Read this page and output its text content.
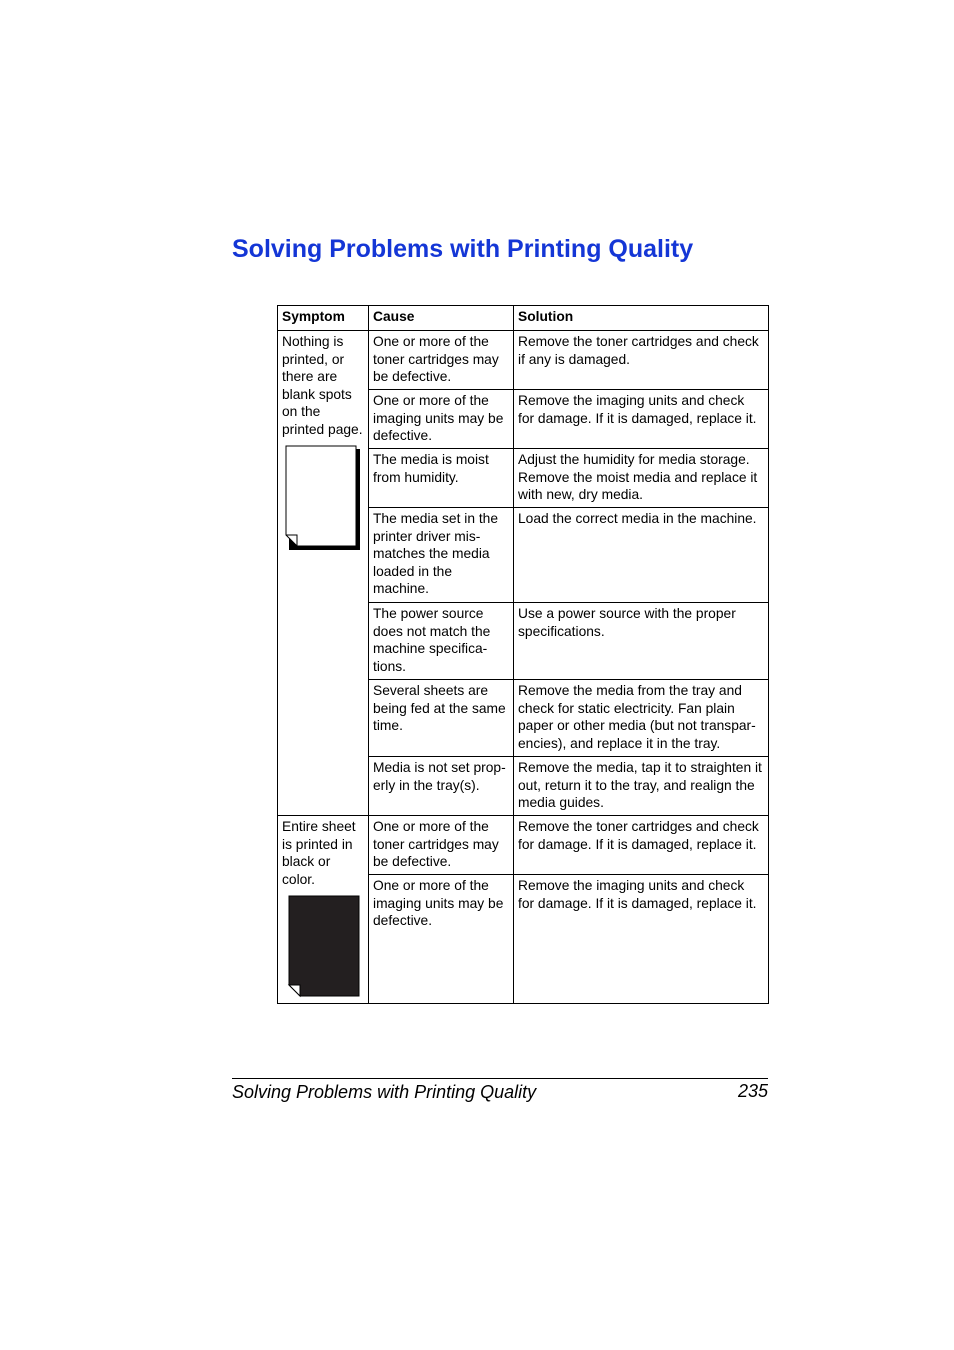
Solving Problems with Printing Quality
Symptom	Cause	Solution

Nothing is printed, or there are blank spots on the printed page.	One or more of the toner cartridges may be defective.	Remove the toner cartridges and check if any is damaged.
	One or more of the imaging units may be defective.	Remove the imaging units and check for damage. If it is damaged, replace it.
	The media is moist from humidity.	Adjust the humidity for media storage. Remove the moist media and replace it with new, dry media.
	The media set in the printer driver mis-matches the media loaded in the machine.	Load the correct media in the machine.
	The power source does not match the machine specifica-tions.	Use a power source with the proper specifications.
	Several sheets are being fed at the same time.	Remove the media from the tray and check for static electricity. Fan plain paper or other media (but not transpar-encies), and replace it in the tray.
	Media is not set prop-erly in the tray(s).	Remove the media, tap it to straighten it out, return it to the tray, and realign the media guides.

Entire sheet is printed in black or color.	One or more of the toner cartridges may be defective.	Remove the toner cartridges and check for damage. If it is damaged, replace it.
	One or more of the imaging units may be defective.	Remove the imaging units and check for damage. If it is damaged, replace it.
Solving Problems with Printing Quality	235
